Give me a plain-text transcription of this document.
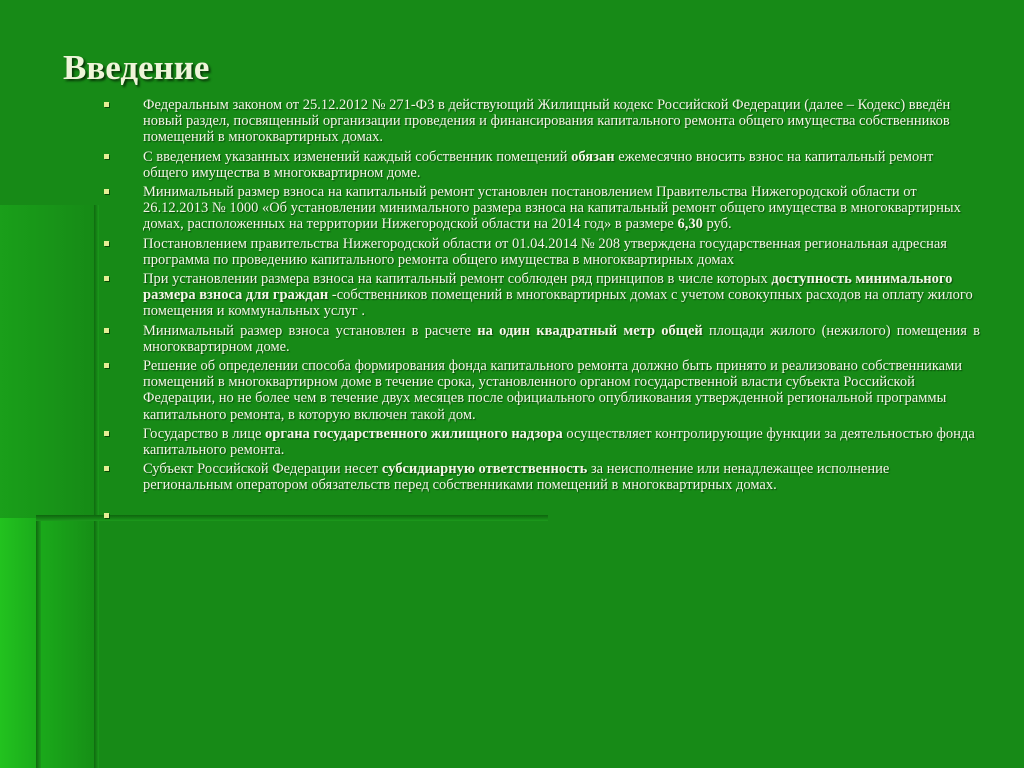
Введение
Федеральным законом от 25.12.2012 № 271-ФЗ в действующий Жилищный кодекс Российской Федерации (далее – Кодекс) введён новый раздел, посвященный организации проведения и финансирования капитального ремонта общего имущества собственников помещений в многоквартирных домах.
С введением указанных изменений каждый собственник помещений обязан ежемесячно вносить взнос на капитальный ремонт общего имущества в многоквартирном доме.
Минимальный размер взноса на капитальный ремонт установлен постановлением Правительства Нижегородской области от 26.12.2013 № 1000 «Об установлении минимального размера взноса на капитальный ремонт общего имущества в многоквартирных домах, расположенных на территории Нижегородской области на 2014 год» в размере 6,30 руб.
Постановлением правительства Нижегородской области от 01.04.2014 № 208 утверждена государственная региональная адресная программа по проведению капитального ремонта общего имущества в многоквартирных домах
При установлении размера взноса на капитальный ремонт соблюден ряд принципов в числе которых доступность минимального размера взноса для граждан -собственников помещений в многоквартирных домах с учетом совокупных расходов на оплату жилого помещения и коммунальных услуг .
Минимальный размер взноса установлен в расчете на один квадратный метр общей площади жилого (нежилого) помещения в многоквартирном доме.
Решение об определении способа формирования фонда капитального ремонта должно быть принято и реализовано собственниками помещений в многоквартирном доме в течение срока, установленного органом государственной власти субъекта Российской Федерации, но не более чем в течение двух месяцев после официального опубликования утвержденной региональной программы капитального ремонта, в которую включен такой дом.
Государство в лице органа государственного жилищного надзора осуществляет контролирующие функции за деятельностью фонда капитального ремонта.
Субъект Российской Федерации несет субсидиарную ответственность за неисполнение или ненадлежащее исполнение региональным оператором обязательств перед собственниками помещений в многоквартирных домах.
